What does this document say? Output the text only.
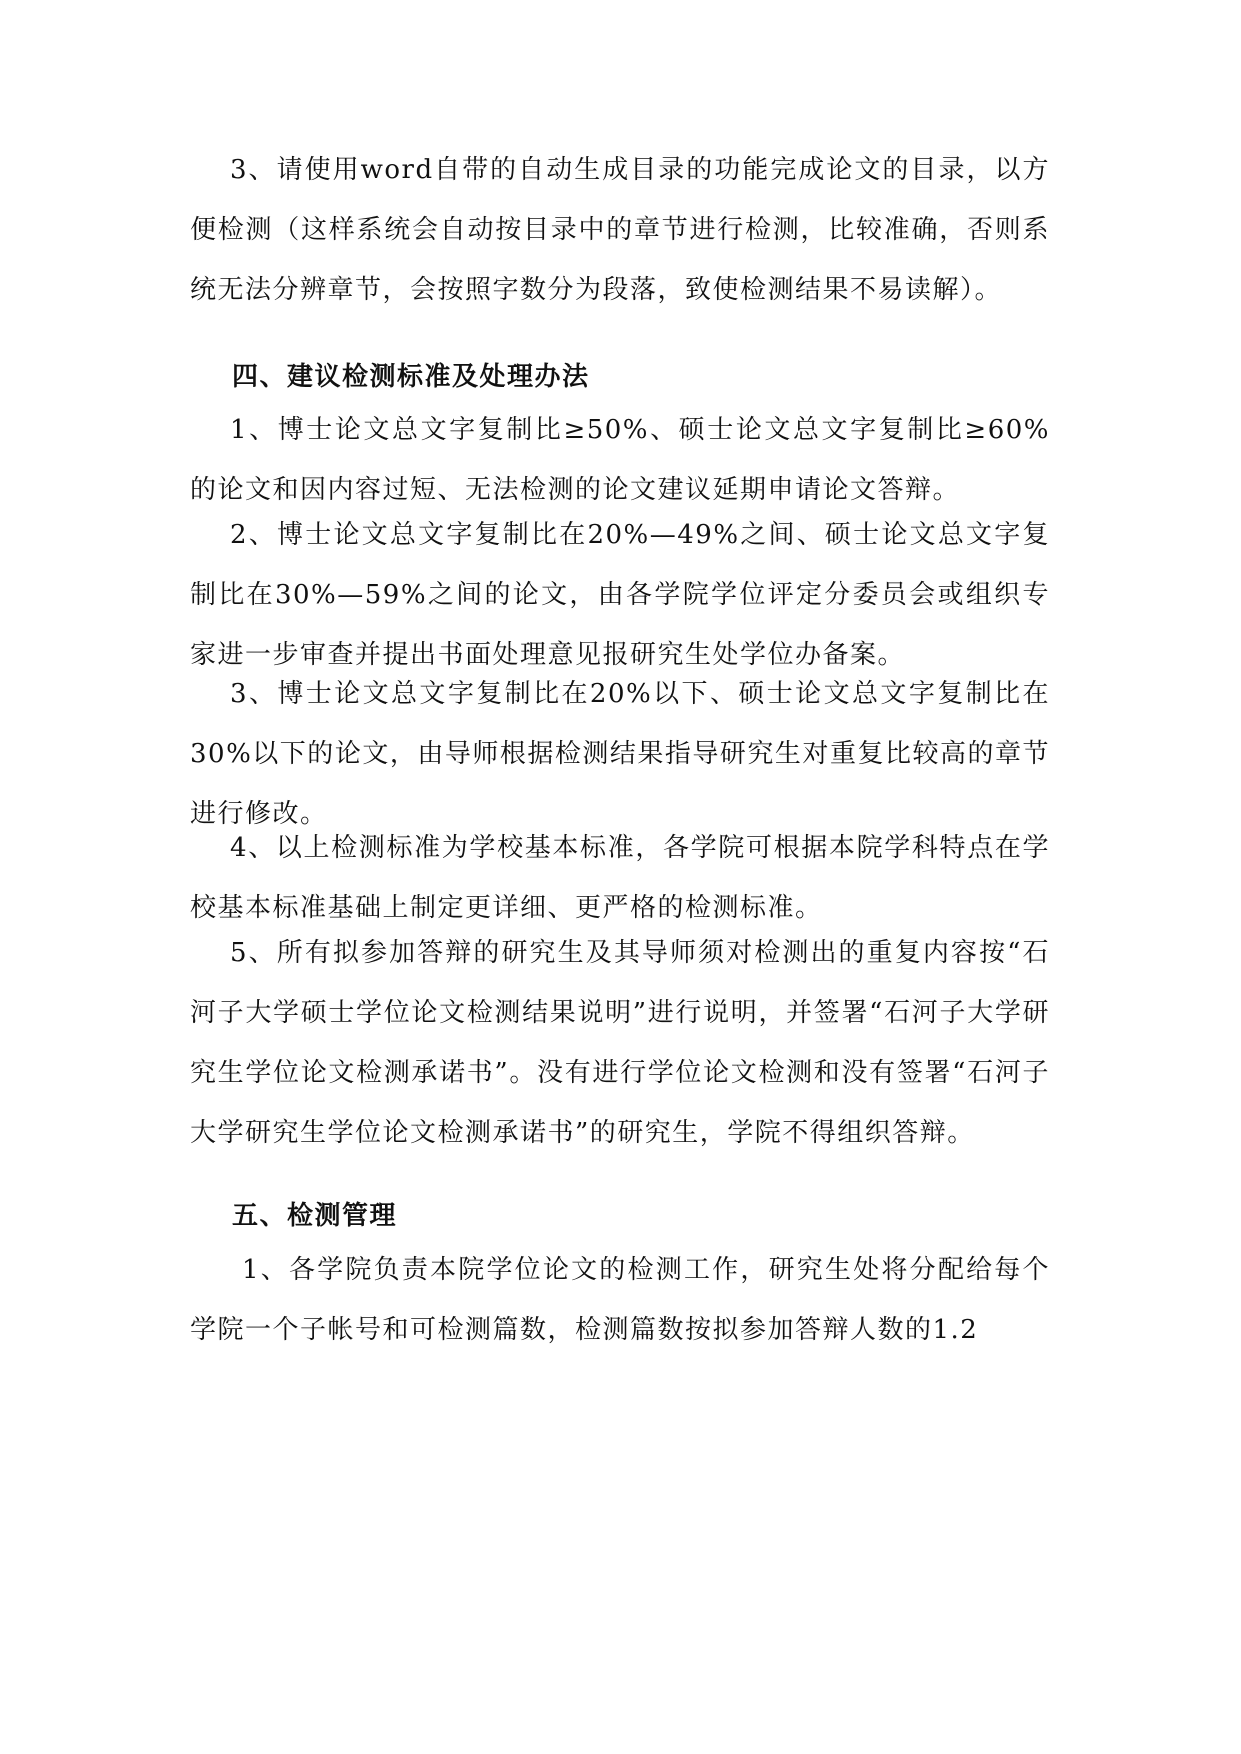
3、请使用word自带的自动生成目录的功能完成论文的目录，以方便检测（这样系统会自动按目录中的章节进行检测，比较准确，否则系统无法分辨章节，会按照字数分为段落，致使检测结果不易读解）。

四、建议检测标准及处理办法

1、博士论文总文字复制比≥50%、硕士论文总文字复制比≥60%的论文和因内容过短、无法检测的论文建议延期申请论文答辩。

2、博士论文总文字复制比在20%—49%之间、硕士论文总文字复制比在30%—59%之间的论文，由各学院学位评定分委员会或组织专家进一步审查并提出书面处理意见报研究生处学位办备案。

3、博士论文总文字复制比在20%以下、硕士论文总文字复制比在30%以下的论文，由导师根据检测结果指导研究生对重复比较高的章节进行修改。

4、以上检测标准为学校基本标准，各学院可根据本院学科特点在学校基本标准基础上制定更详细、更严格的检测标准。

5、所有拟参加答辩的研究生及其导师须对检测出的重复内容按“石河子大学硕士学位论文检测结果说明”进行说明，并签署“石河子大学研究生学位论文检测承诺书”。没有进行学位论文检测和没有签署“石河子大学研究生学位论文检测承诺书”的研究生，学院不得组织答辩。

五、检测管理

1、各学院负责本院学位论文的检测工作，研究生处将分配给每个学院一个子帐号和可检测篇数，检测篇数按拟参加答辩人数的1.2
